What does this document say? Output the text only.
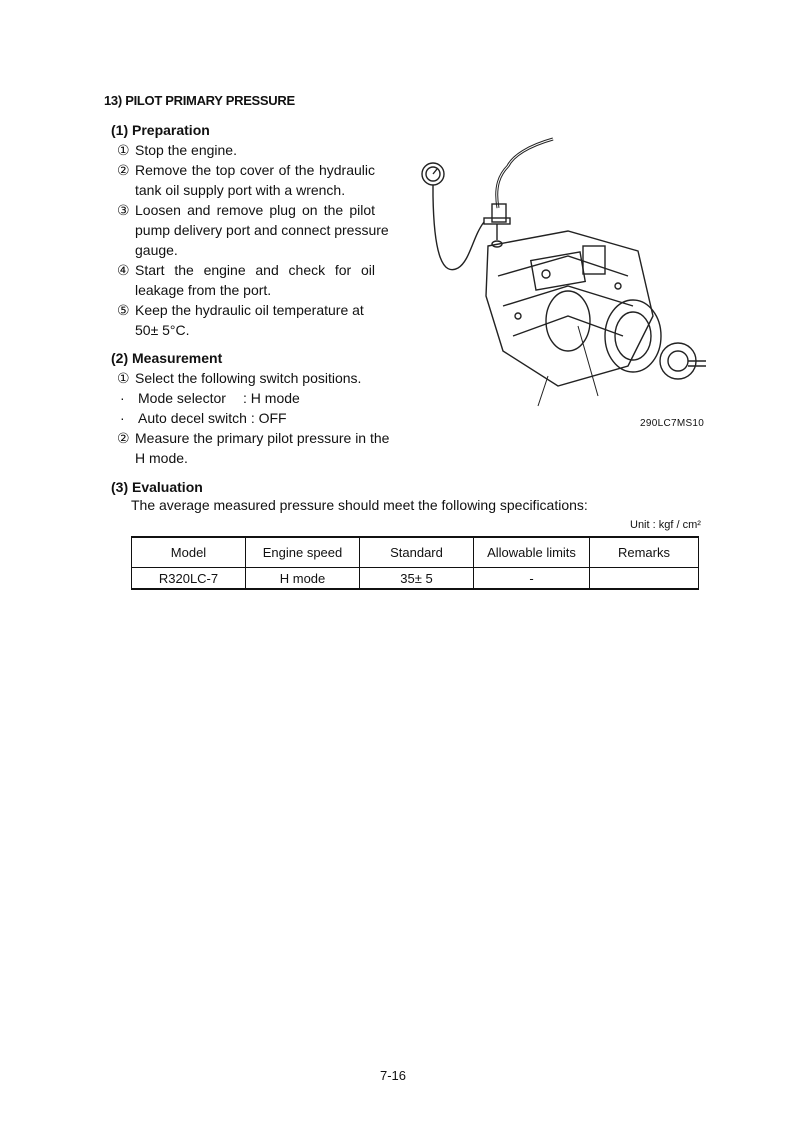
13) PILOT PRIMARY PRESSURE
(1) Preparation
① Stop the engine.
② Remove the top cover of the hydraulic
tank oil supply port with a wrench.
③ Loosen and remove plug on the pilot
pump delivery port and connect pressure
gauge.
④ Start the engine and check for oil
leakage from the port.
⑤ Keep the hydraulic oil temperature at
50± 5°C.
(2) Measurement
① Select the following switch positions.
· Mode selector : H mode
· Auto decel switch : OFF
② Measure the primary pilot pressure in the
H mode.
290LC7MS10
(3) Evaluation
The average measured pressure should meet the following specifications:
Unit : kgf / cm²
Model	Engine speed	Standard	Allowable limits	Remarks
R320LC-7	H mode	35± 5	-	
7-16
